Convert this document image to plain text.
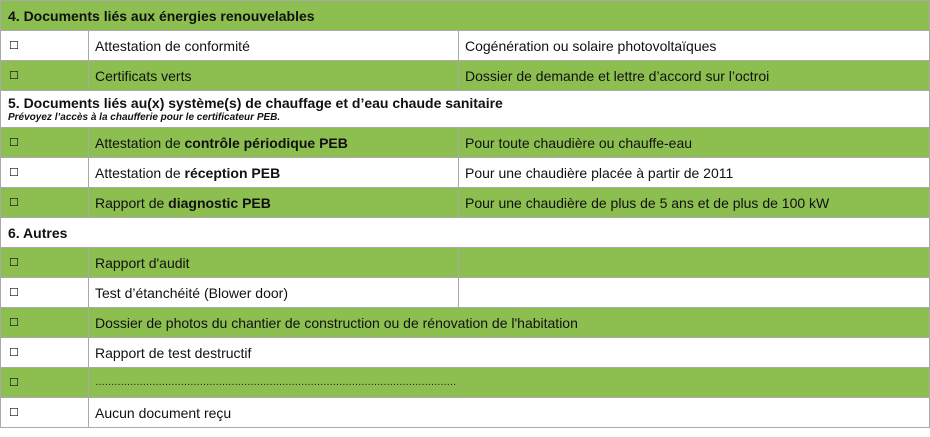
4. Documents liés aux énergies renouvelables		
☐	Attestation de conformité	Cogénération ou solaire photovoltaïques
☐	Certificats verts	Dossier de demande et lettre d’accord sur l’octroi
5. Documents liés au(x) système(s) de chauffage et d’eau chaude sanitaire
Prévoyez l’accès à la chaufferie pour le certificateur PEB.		

☐	Attestation de contrôle périodique PEB	Pour toute chaudière ou chauffe-eau
☐	Attestation de réception PEB	Pour une chaudière placée à partir de 2011
☐	Rapport de diagnostic PEB	Pour une chaudière de plus de 5 ans et de plus de 100 kW
6. Autres		
☐	Rapport d'audit	
☐	Test d’étanchéité (Blower door)	
☐	Dossier de photos du chantier de construction ou de rénovation de l'habitation	
☐	Rapport de test destructif	
☐	……………………………………………………………………………………………………	
☐	Aucun document reçu	
